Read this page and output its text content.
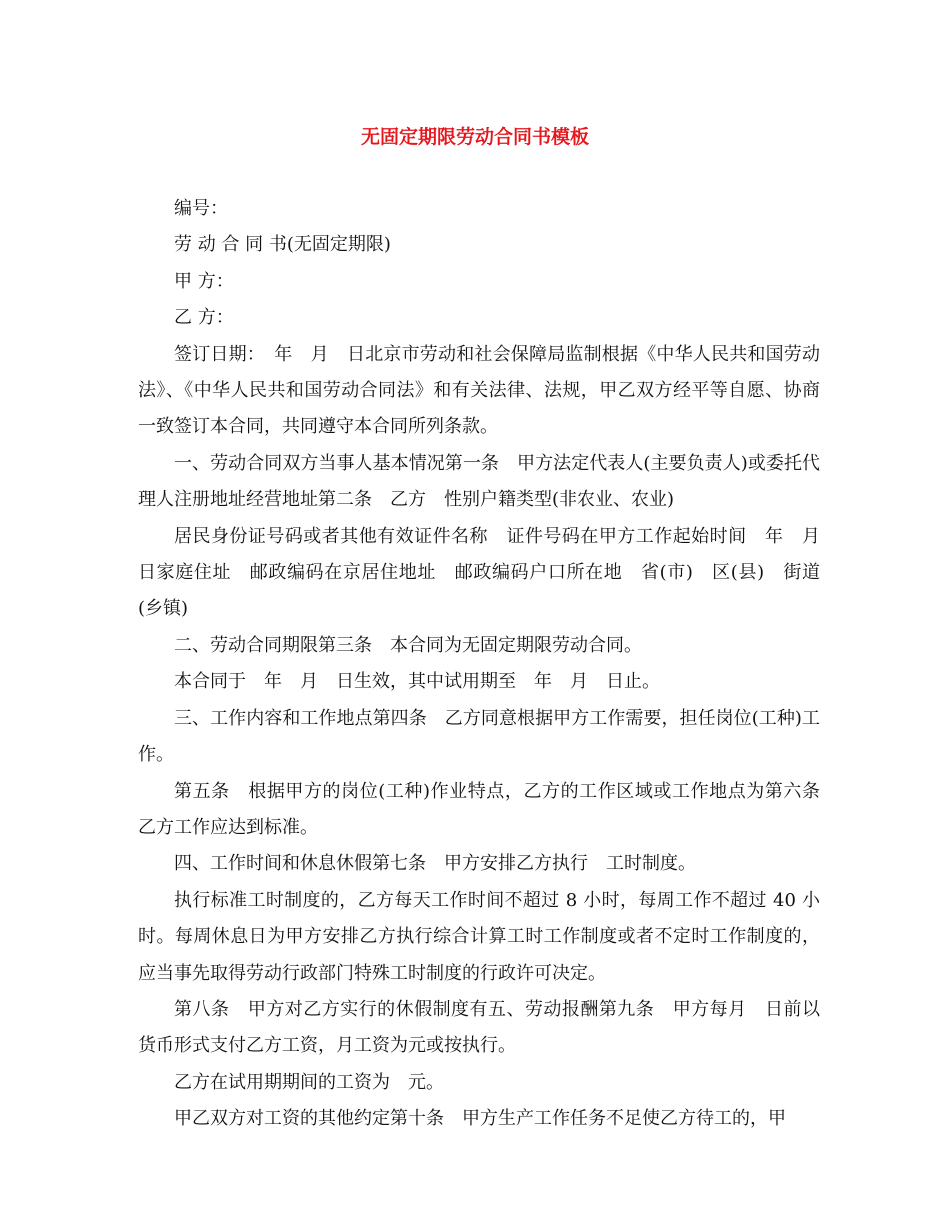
无固定期限劳动合同书模板

编号：

劳 动 合 同 书(无固定期限)

甲 方：

乙 方：

签订日期：　年　月　日北京市劳动和社会保障局监制根据《中华人民共和国劳动法》、《中华人民共和国劳动合同法》和有关法律、法规，甲乙双方经平等自愿、协商一致签订本合同，共同遵守本合同所列条款。

一、劳动合同双方当事人基本情况第一条　甲方法定代表人(主要负责人)或委托代理人注册地址经营地址第二条　乙方　性别户籍类型(非农业、农业)

居民身份证号码或者其他有效证件名称　证件号码在甲方工作起始时间　年　月日家庭住址　邮政编码在京居住地址　邮政编码户口所在地　省(市)　区(县)　街道(乡镇)

二、劳动合同期限第三条　本合同为无固定期限劳动合同。

本合同于　年　月　日生效，其中试用期至　年　月　日止。

三、工作内容和工作地点第四条　乙方同意根据甲方工作需要，担任岗位(工种)工作。

第五条　根据甲方的岗位(工种)作业特点，乙方的工作区域或工作地点为第六条　乙方工作应达到标准。

四、工作时间和休息休假第七条　甲方安排乙方执行　工时制度。

执行标准工时制度的，乙方每天工作时间不超过 8 小时，每周工作不超过 40 小时。每周休息日为甲方安排乙方执行综合计算工时工作制度或者不定时工作制度的，应当事先取得劳动行政部门特殊工时制度的行政许可决定。

第八条　甲方对乙方实行的休假制度有五、劳动报酬第九条　甲方每月　日前以货币形式支付乙方工资，月工资为元或按执行。

乙方在试用期期间的工资为　元。

甲乙双方对工资的其他约定第十条　甲方生产工作任务不足使乙方待工的，甲
